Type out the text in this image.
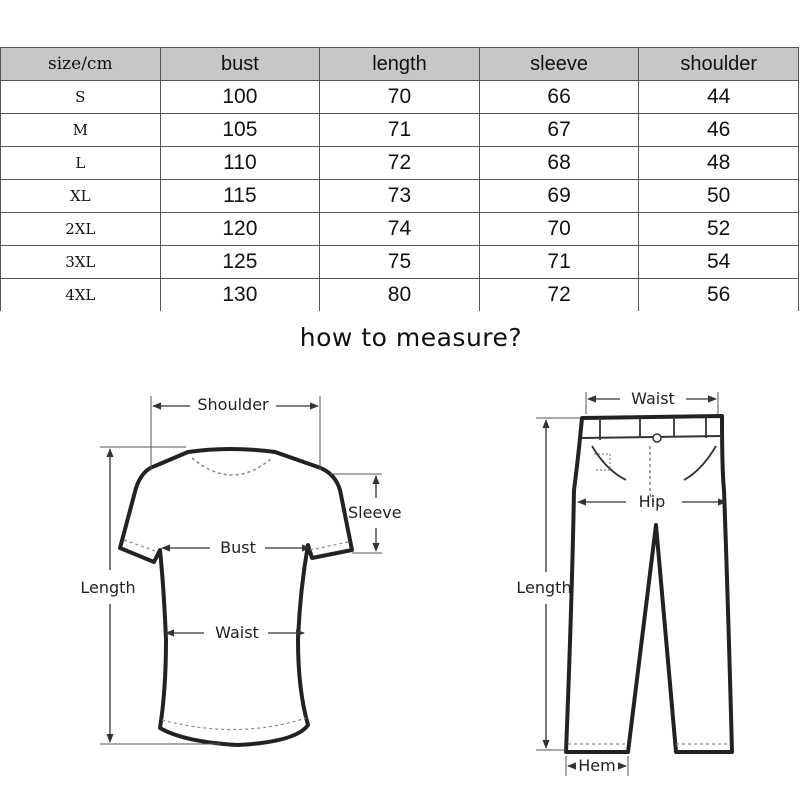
size/cm	bust	length	sleeve	shoulder
S	100	70	66	44
M	105	71	67	46
L	110	72	68	48
XL	115	73	69	50
2XL	120	74	70	52
3XL	125	75	71	54
4XL	130	80	72	56
how to measure?
Shoulder
Sleeve
Bust
Waist
Length
Waist
Hip
Length
Hem
